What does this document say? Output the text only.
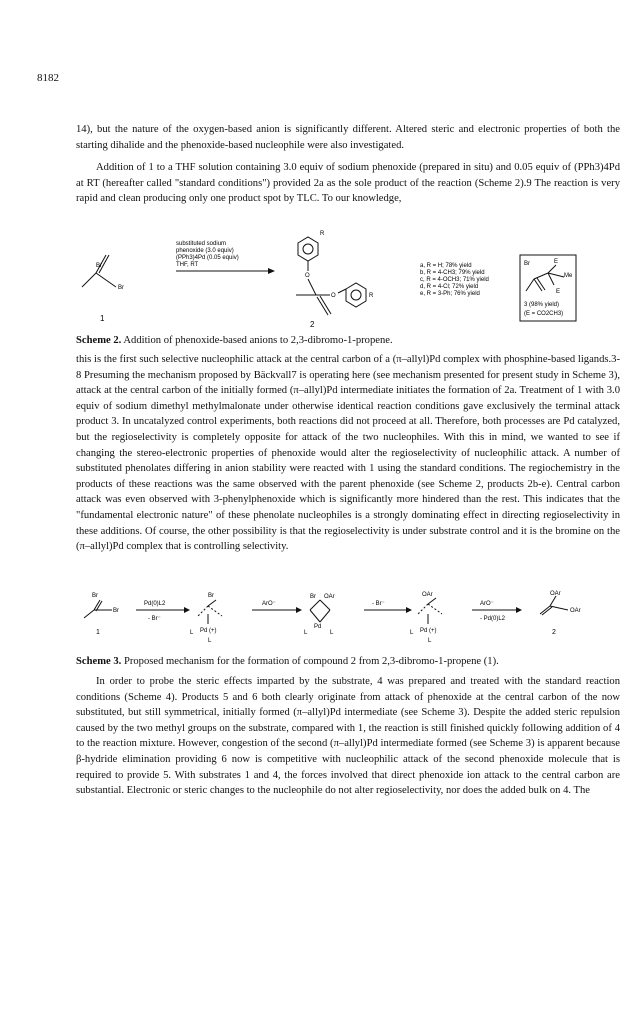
8182

14), but the nature of the oxygen-based anion is significantly different. Altered steric and electronic properties of both the starting dihalide and the phenoxide-based nucleophile were also investigated.

Addition of 1 to a THF solution containing 3.0 equiv of sodium phenoxide (prepared in situ) and 0.05 equiv of (PPh3)4Pd at RT (hereafter called "standard conditions") provided 2a as the sole product of the reaction (Scheme 2).9 The reaction is very rapid and clean producing only one product spot by TLC. To our knowledge,

Br
Br
1
substituted sodium
phenoxide (3.0 equiv)
(PPh3)4Pd (0.05 equiv)
THF, RT
R
O
O	R
2
a, R = H; 78% yield
b, R = 4-CH3; 79% yield
c, R = 4-OCH3; 71% yield
d, R = 4-Cl; 72% yield
e, R = 3-Ph; 76% yield
Br	E
Me
E
3 (98% yield)
(E = CO2CH3)

Scheme 2. Addition of phenoxide-based anions to 2,3-dibromo-1-propene.

this is the first such selective nucleophilic attack at the central carbon of a (π–allyl)Pd complex with phosphine-based ligands.3-8 Presuming the mechanism proposed by Bäckvall7 is operating here (see mechanism presented for present study in Scheme 3), attack at the central carbon of the initially formed (π–allyl)Pd intermediate initiates the formation of 2a. Treatment of 1 with 3.0 equiv of sodium dimethyl methylmalonate under otherwise identical reaction conditions gave exclusively the terminal attack product 3. In uncatalyzed control experiments, both reactions did not proceed at all. Therefore, both processes are Pd catalyzed, but the regioselectivity is completely opposite for attack of the two nucleophiles. With this in mind, we wanted to see if changing the stereo-electronic properties of phenoxide would alter the regioselectivity of nucleophilic attack. A number of substituted phenolates differing in anion stability were reacted with 1 using the standard conditions. The regiochemistry in the products of these reactions was the same observed with the parent phenoxide (see Scheme 2, products 2b-e). Central carbon attack was even observed with 3-phenylphenoxide which is significantly more hindered than the rest. This indicates that the "fundamental electronic nature" of these phenolate nucleophiles is a strongly dominating effect in directing regioselectivity in these additions. Of course, the other possibility is that the regioselectivity is under substrate control and it is the bromine on the (π–allyl)Pd complex that is controlling selectivity.

Br
Br
1
Pd(0)L2
- Br⁻
Br
Pd (+)
L
L
ArO⁻
Br OAr
Pd
L	L
- Br⁻
OAr
Pd (+)
L
L
ArO⁻
- Pd(0)L2
OAr
OAr
2

Scheme 3. Proposed mechanism for the formation of compound 2 from 2,3-dibromo-1-propene (1).

In order to probe the steric effects imparted by the substrate, 4 was prepared and treated with the standard reaction conditions (Scheme 4). Products 5 and 6 both clearly originate from attack of phenoxide at the central carbon of the now substituted, but still symmetrical, initially formed (π–allyl)Pd intermediate (see Scheme 3). Despite the added steric repulsion caused by the two methyl groups on the substrate, compared with 1, the reaction is still finished quickly following addition of 4 to the reaction mixture. However, congestion of the second (π–allyl)Pd intermediate formed (see Scheme 3) is apparent because β-hydride elimination providing 6 now is competitive with nucleophilic attack of the second phenoxide molecule that is required to provide 5. With substrates 1 and 4, the forces involved that direct phenoxide ion attack to the central carbon are substantial. Electronic or steric changes to the nucleophile do not alter regioselectivity, nor does the added bulk on 4. The
